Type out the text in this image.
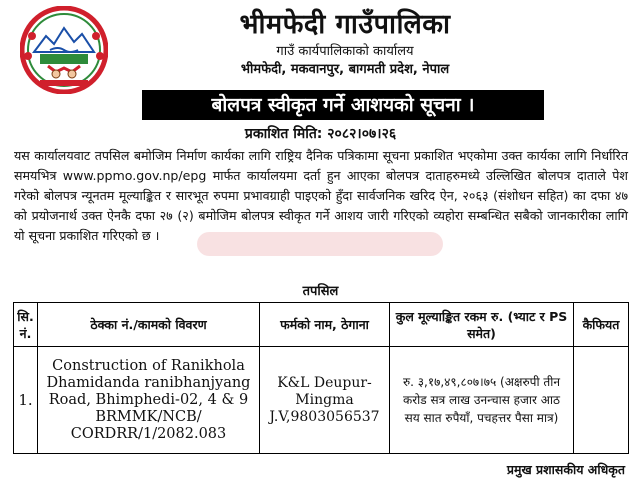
भीमफेदी गाउँपालिका
गाउँ कार्यपालिकाको कार्यालय
भीमफेदी, मकवानपुर, बागमती प्रदेश, नेपाल
बोलपत्र स्वीकृत गर्ने आशयको सूचना ।
प्रकाशित मिति: २०८२।०७।२६
यस कार्यालयवाट तपसिल बमोजिम निर्माण कार्यका लागि राष्ट्रिय दैनिक पत्रिकामा सूचना प्रकाशित भएकोमा उक्त कार्यका लागि निर्धारित समयभित्र www.ppmo.gov.np/epg मार्फत कार्यालयमा दर्ता हुन आएका बोलपत्र दाताहरुमध्ये उल्लिखित बोलपत्र दाताले पेश गरेको बोलपत्र न्यूनतम मूल्याङ्कित र सारभूत रुपमा प्रभावग्राही पाइएको हुँदा सार्वजनिक खरिद ऐन, २०६३ (संशोधन सहित) का दफा ४७ को प्रयोजनार्थ उक्त ऐनकै दफा २७ (२) बमोजिम बोलपत्र स्वीकृत गर्ने आशय जारी गरिएको व्यहोरा सम्बन्धित सबैको जानकारीका लागि यो सूचना प्रकाशित गरिएको छ ।
तपसिल
सि. नं.	ठेक्का नं./कामको विवरण	फर्मको नाम, ठेगाना	कुल मूल्याङ्कित रकम रु. (भ्याट र PS समेत)	कैफियत
1.	Construction of Ranikhola Dhamidanda ranibhanjyang Road, Bhimphedi-02, 4 & 9 BRMMK/NCB/ CORDRR/1/2082.083	K&L Deupur-Mingma J.V,9803056537	रु. ३,१७,४९,८०७।७५ (अक्षरुपी तीन करोड सत्र लाख उनन्चास हजार आठ सय सात रुपैयाँ, पचहत्तर पैसा मात्र)	
प्रमुख प्रशासकीय अधिकृत
